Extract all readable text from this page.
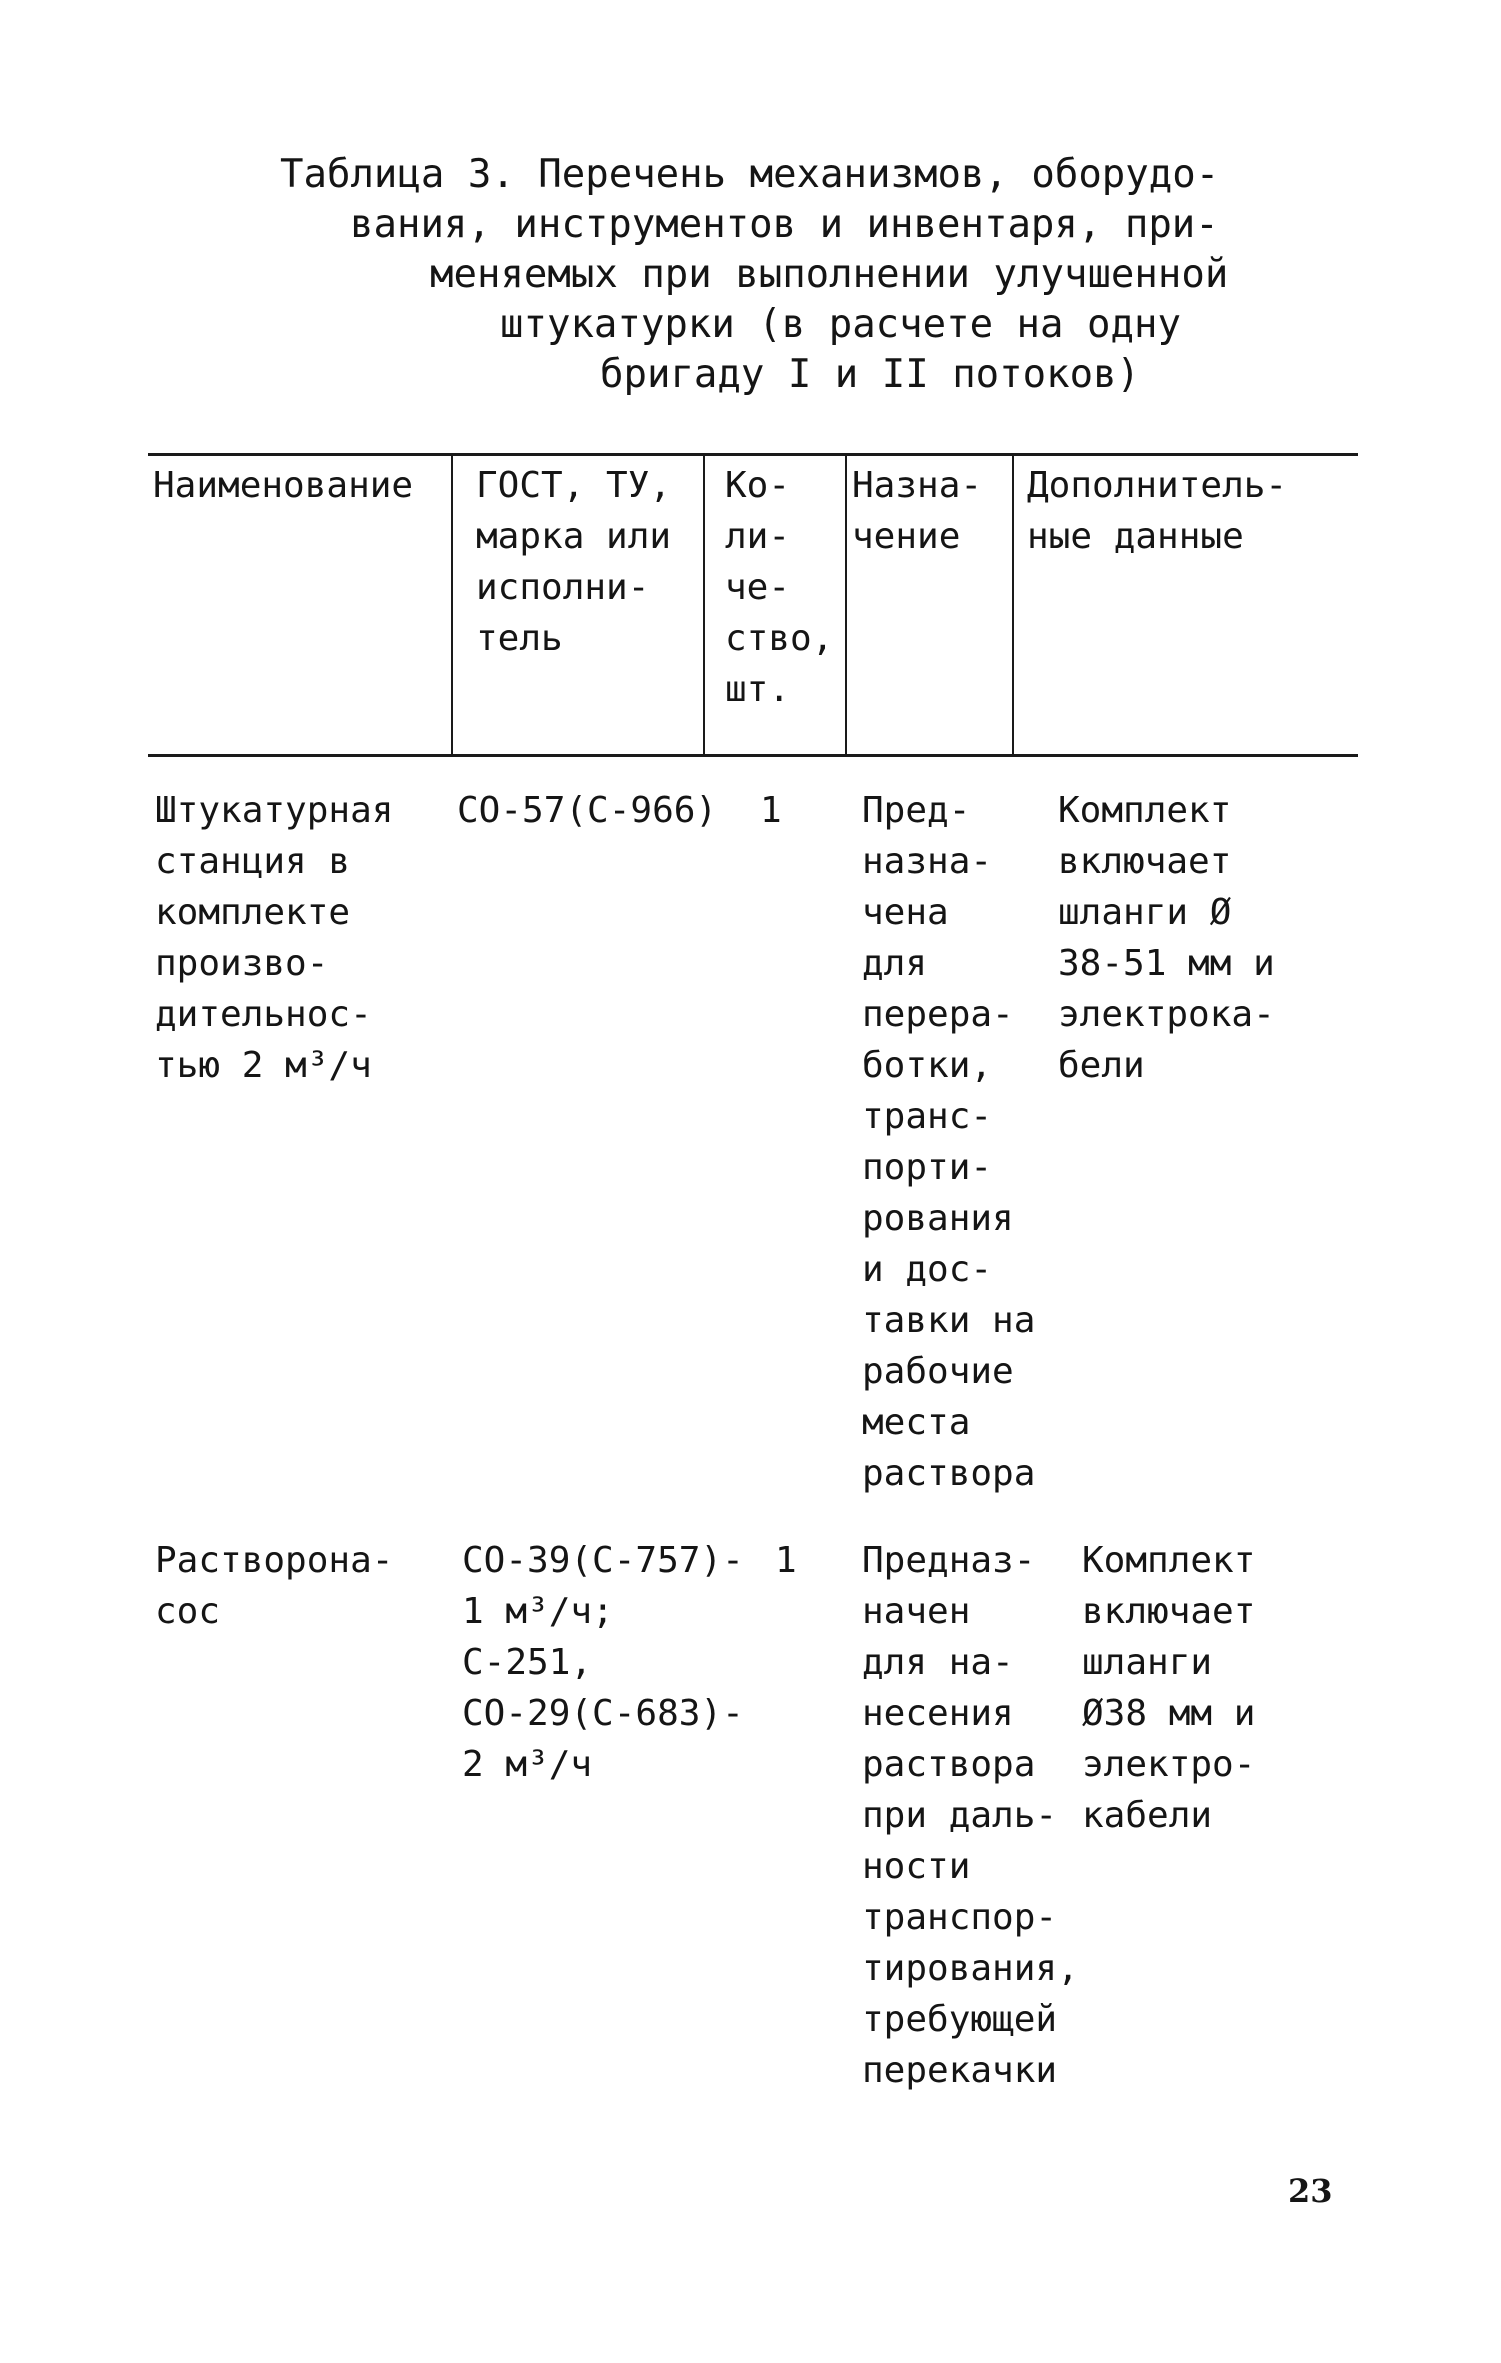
Таблица 3. Перечень механизмов, оборудо-
вания, инструментов и инвентаря, при-
меняемых при выполнении улучшенной
штукатурки (в расчете на одну
бригаду I и II потоков)
Наименование ГОСТ, ТУ,
марка или
исполни-
тель
Ко-
ли-
че-
ство,
шт.
Назна-
чение
Дополнитель-
ные данные
Штукатурная
станция в
комплекте
произво-
дительнос-
тью 2 м³/ч
СО-57(С-966) 1 Пред-
назна-
чена
для
перера-
ботки,
транс-
порти-
рования
и дос-
тавки на
рабочие
места
раствора
Комплект
включает
шланги Ø
38-51 мм и
электрока-
бели
Растворона-
сос
СО-39(С-757)-
1 м³/ч;
С-251,
СО-29(С-683)-
2 м³/ч
1 Предназ-
начен
для на-
несения
раствора
при даль-
ности
транспор-
тирования,
требующей
перекачки
Комплект
включает
шланги
Ø38 мм и
электро-
кабели
23
